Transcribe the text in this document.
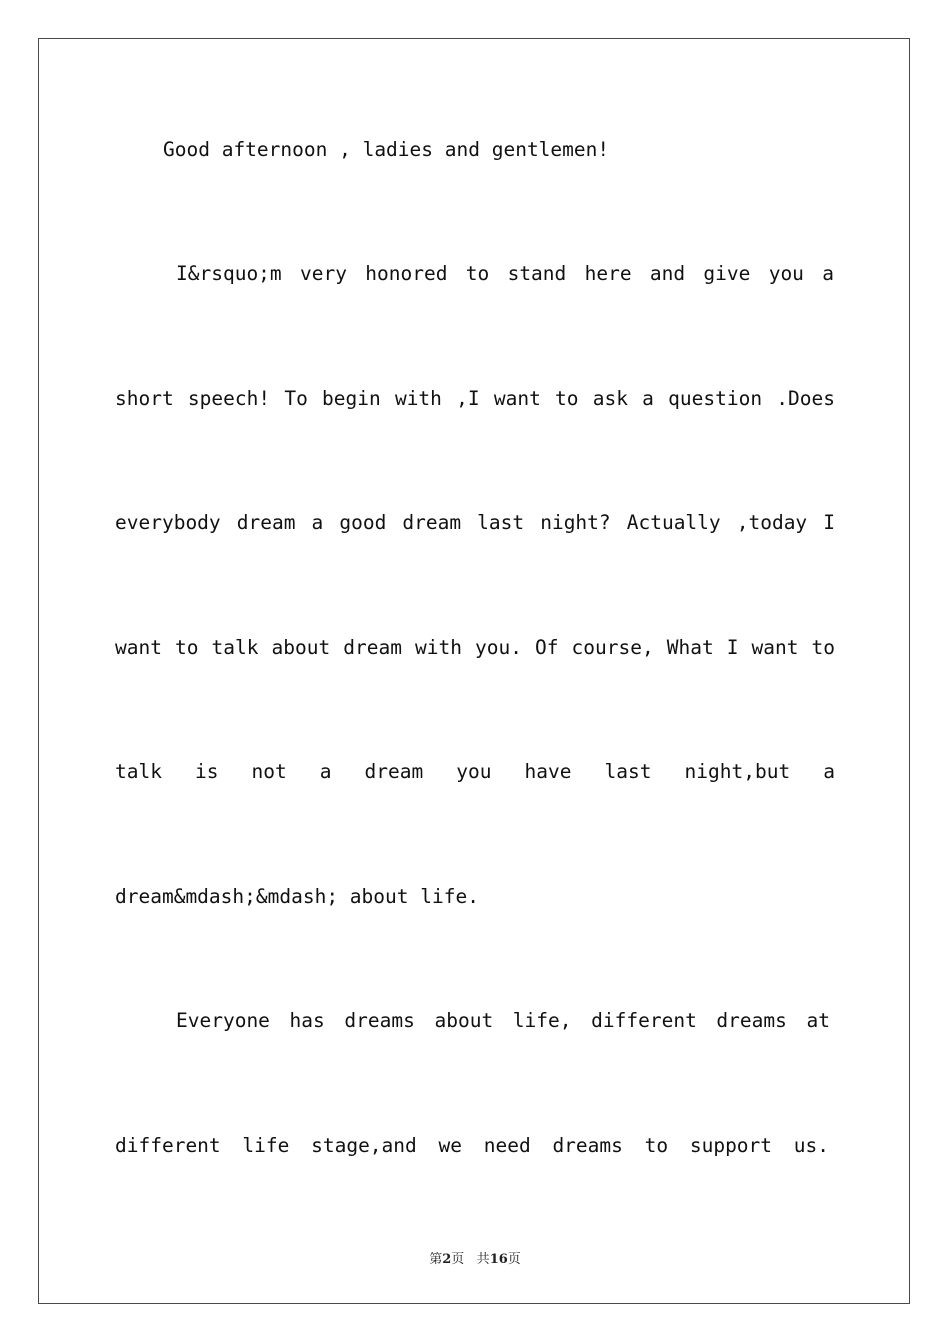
Good afternoon , ladies and gentlemen!
I&rsquo;m very honored to stand here and give you a
short speech! To begin with ,I want to ask a question .Does
everybody dream a good dream last night? Actually ,today I
want to talk about dream with you. Of course, What I want to
talk is not a dream you have last night,but a
dream&mdash;&mdash; about life.
Everyone has dreams about life, different dreams at
different life stage,and we need dreams to support us.
第2页 共16页
